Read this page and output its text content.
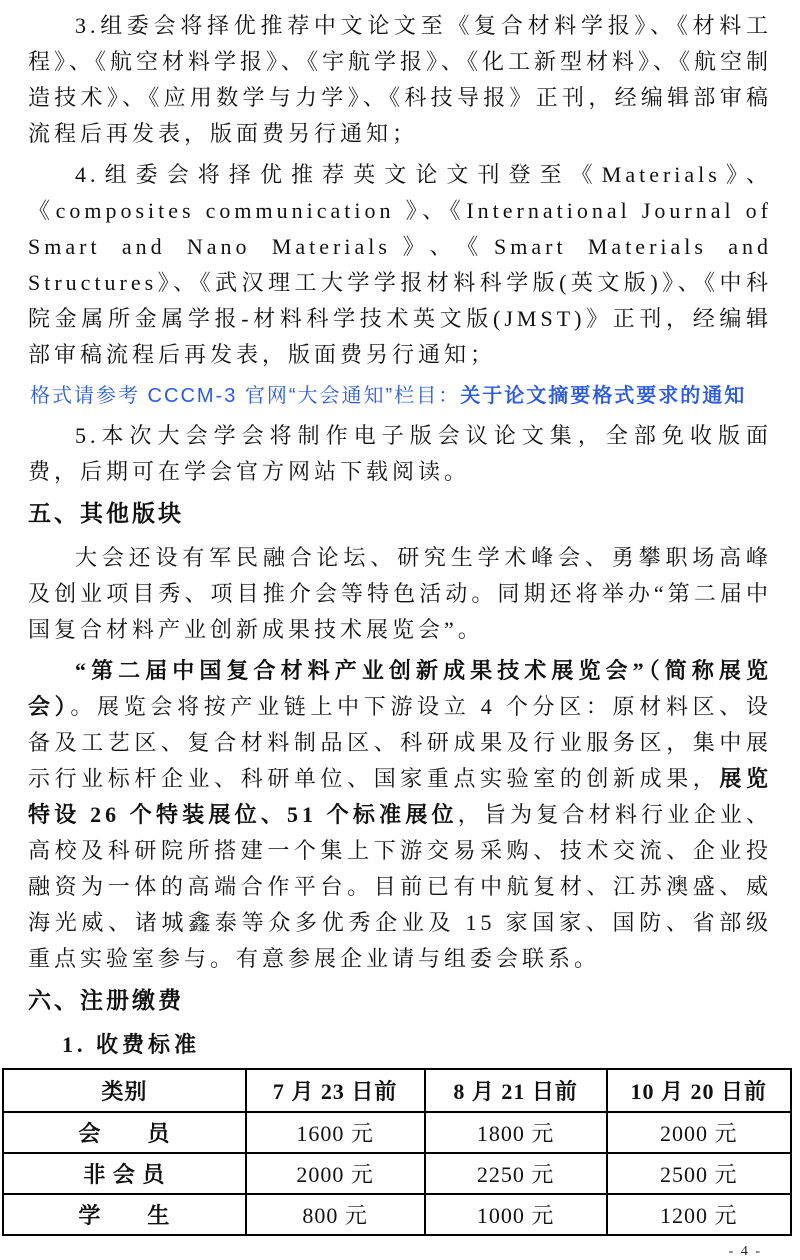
3.组委会将择优推荐中文论文至《复合材料学报》、《材料工程》、《航空材料学报》、《宇航学报》、《化工新型材料》、《航空制造技术》、《应用数学与力学》、《科技导报》正刊，经编辑部审稿流程后再发表，版面费另行通知；

4.组委会将择优推荐英文论文刊登至《Materials》、《composites communication 》、《International Journal of Smart and Nano Materials》、《Smart Materials and Structures》、《武汉理工大学学报材料科学版(英文版)》、《中科院金属所金属学报-材料科学技术英文版(JMST)》正刊，经编辑部审稿流程后再发表，版面费另行通知；

格式请参考 CCCM-3 官网“大会通知”栏目：关于论文摘要格式要求的通知

5.本次大会学会将制作电子版会议论文集，全部免收版面费，后期可在学会官方网站下载阅读。

五、其他版块

大会还设有军民融合论坛、研究生学术峰会、勇攀职场高峰及创业项目秀、项目推介会等特色活动。同期还将举办“第二届中国复合材料产业创新成果技术展览会”。

“第二届中国复合材料产业创新成果技术展览会”（简称展览会）。展览会将按产业链上中下游设立 4 个分区：原材料区、设备及工艺区、复合材料制品区、科研成果及行业服务区，集中展示行业标杆企业、科研单位、国家重点实验室的创新成果，展览特设 26 个特装展位、51 个标准展位，旨为复合材料行业企业、高校及科研院所搭建一个集上下游交易采购、技术交流、企业投融资为一体的高端合作平台。目前已有中航复材、江苏澳盛、威海光威、诸城鑫泰等众多优秀企业及 15 家国家、国防、省部级重点实验室参与。有意参展企业请与组委会联系。

六、注册缴费

1. 收费标准

类别	7 月 23 日前	8 月 21 日前	10 月 20 日前
会　　员	1600 元	1800 元	2000 元
非 会 员	2000 元	2250 元	2500 元
学　　生	800 元	1000 元	1200 元
- 4 -
